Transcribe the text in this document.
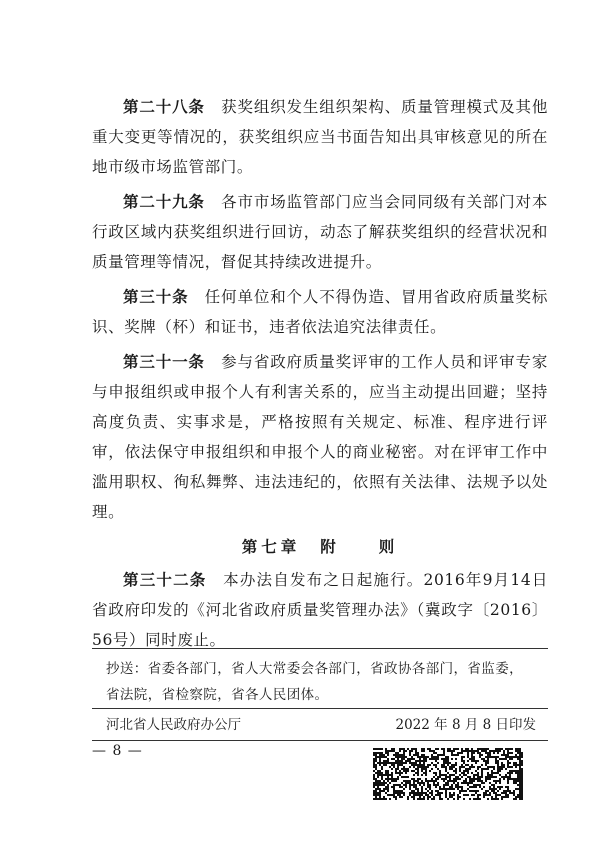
第二十八条　 获奖组织发生组织架构、质量管理模式及其他重大变更等情况的，获奖组织应当书面告知出具审核意见的所在地市级市场监管部门。

第二十九条　 各市市场监管部门应当会同同级有关部门对本行政区域内获奖组织进行回访，动态了解获奖组织的经营状况和质量管理等情况，督促其持续改进提升。

第三十条　 任何单位和个人不得伪造、冒用省政府质量奖标识、奖牌（杯）和证书，违者依法追究法律责任。

第三十一条　 参与省政府质量奖评审的工作人员和评审专家与申报组织或申报个人有利害关系的，应当主动提出回避；坚持高度负责、实事求是，严格按照有关规定、标准、程序进行评审，依法保守申报组织和申报个人的商业秘密。对在评审工作中滥用职权、徇私舞弊、违法违纪的，依照有关法律、法规予以处理。

第七章 附　　则

第三十二条　 本办法自发布之日起施行。2016年9月14日省政府印发的《河北省政府质量奖管理办法》（冀政字〔2016〕56号）同时废止。

抄送：省委各部门，省人大常委会各部门，省政协各部门，省监委，省法院，省检察院，省各人民团体。
河北省人民政府办公厅	2022 年 8 月 8 日印发
— 8 —
